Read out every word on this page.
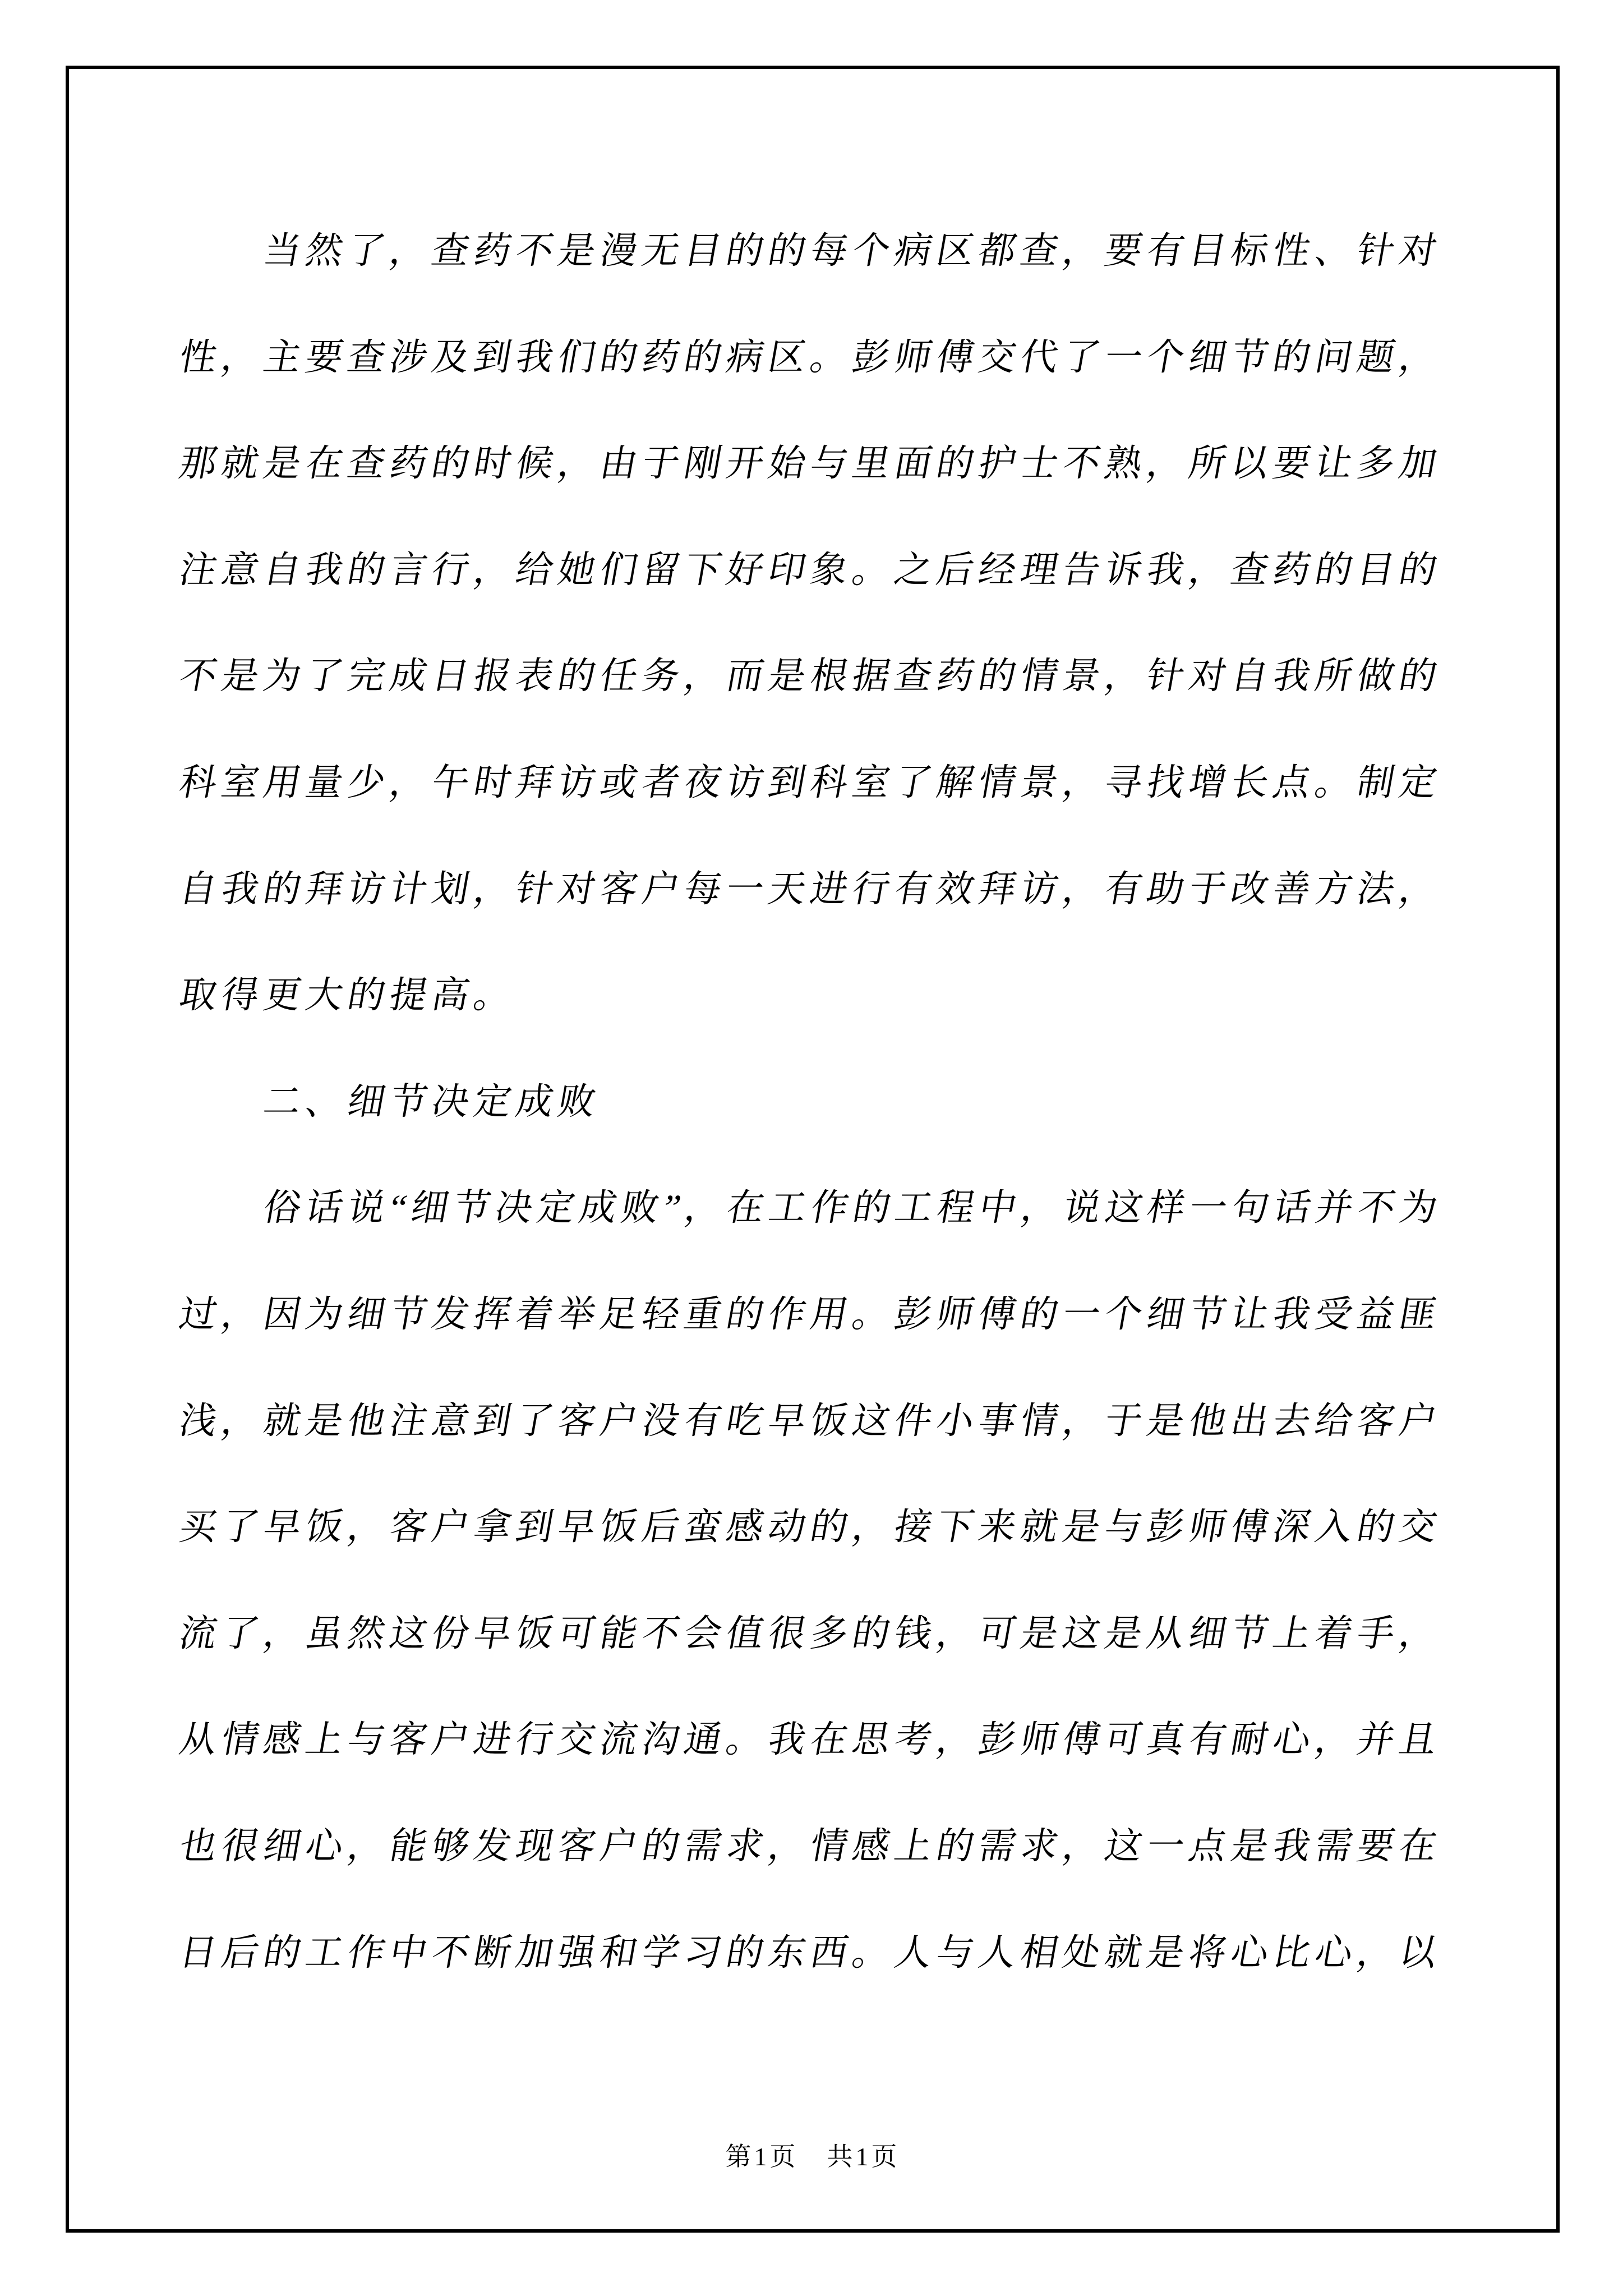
当
然
了
，
查
药
不
是
漫
无
目
的
的
每
个
病
区
都
查
，
要
有
目
标
性
、
针
对
性
，
主
要
查
涉
及
到
我
们
的
药
的
病
区
。
彭
师
傅
交
代
了
一
个
细
节
的
问
题
，
那
就
是
在
查
药
的
时
候
，
由
于
刚
开
始
与
里
面
的
护
士
不
熟
，
所
以
要
让
多
加
注
意
自
我
的
言
行
，
给
她
们
留
下
好
印
象
。
之
后
经
理
告
诉
我
，
查
药
的
目
的
不
是
为
了
完
成
日
报
表
的
任
务
，
而
是
根
据
查
药
的
情
景
，
针
对
自
我
所
做
的
科
室
用
量
少
，
午
时
拜
访
或
者
夜
访
到
科
室
了
解
情
景
，
寻
找
增
长
点
。
制
定
自
我
的
拜
访
计
划
，
针
对
客
户
每
一
天
进
行
有
效
拜
访
，
有
助
于
改
善
方
法
，
取
得
更
大
的
提
高
。
二
、
细
节
决
定
成
败
俗
话
说
“
细
节
决
定
成
败
”
，
在
工
作
的
工
程
中
，
说
这
样
一
句
话
并
不
为
过
，
因
为
细
节
发
挥
着
举
足
轻
重
的
作
用
。
彭
师
傅
的
一
个
细
节
让
我
受
益
匪
浅
，
就
是
他
注
意
到
了
客
户
没
有
吃
早
饭
这
件
小
事
情
，
于
是
他
出
去
给
客
户
买
了
早
饭
，
客
户
拿
到
早
饭
后
蛮
感
动
的
，
接
下
来
就
是
与
彭
师
傅
深
入
的
交
流
了
，
虽
然
这
份
早
饭
可
能
不
会
值
很
多
的
钱
，
可
是
这
是
从
细
节
上
着
手
，
从
情
感
上
与
客
户
进
行
交
流
沟
通
。
我
在
思
考
，
彭
师
傅
可
真
有
耐
心
，
并
且
也
很
细
心
，
能
够
发
现
客
户
的
需
求
，
情
感
上
的
需
求
，
这
一
点
是
我
需
要
在
日
后
的
工
作
中
不
断
加
强
和
学
习
的
东
西
。
人
与
人
相
处
就
是
将
心
比
心
，
以
第1页　共1页
